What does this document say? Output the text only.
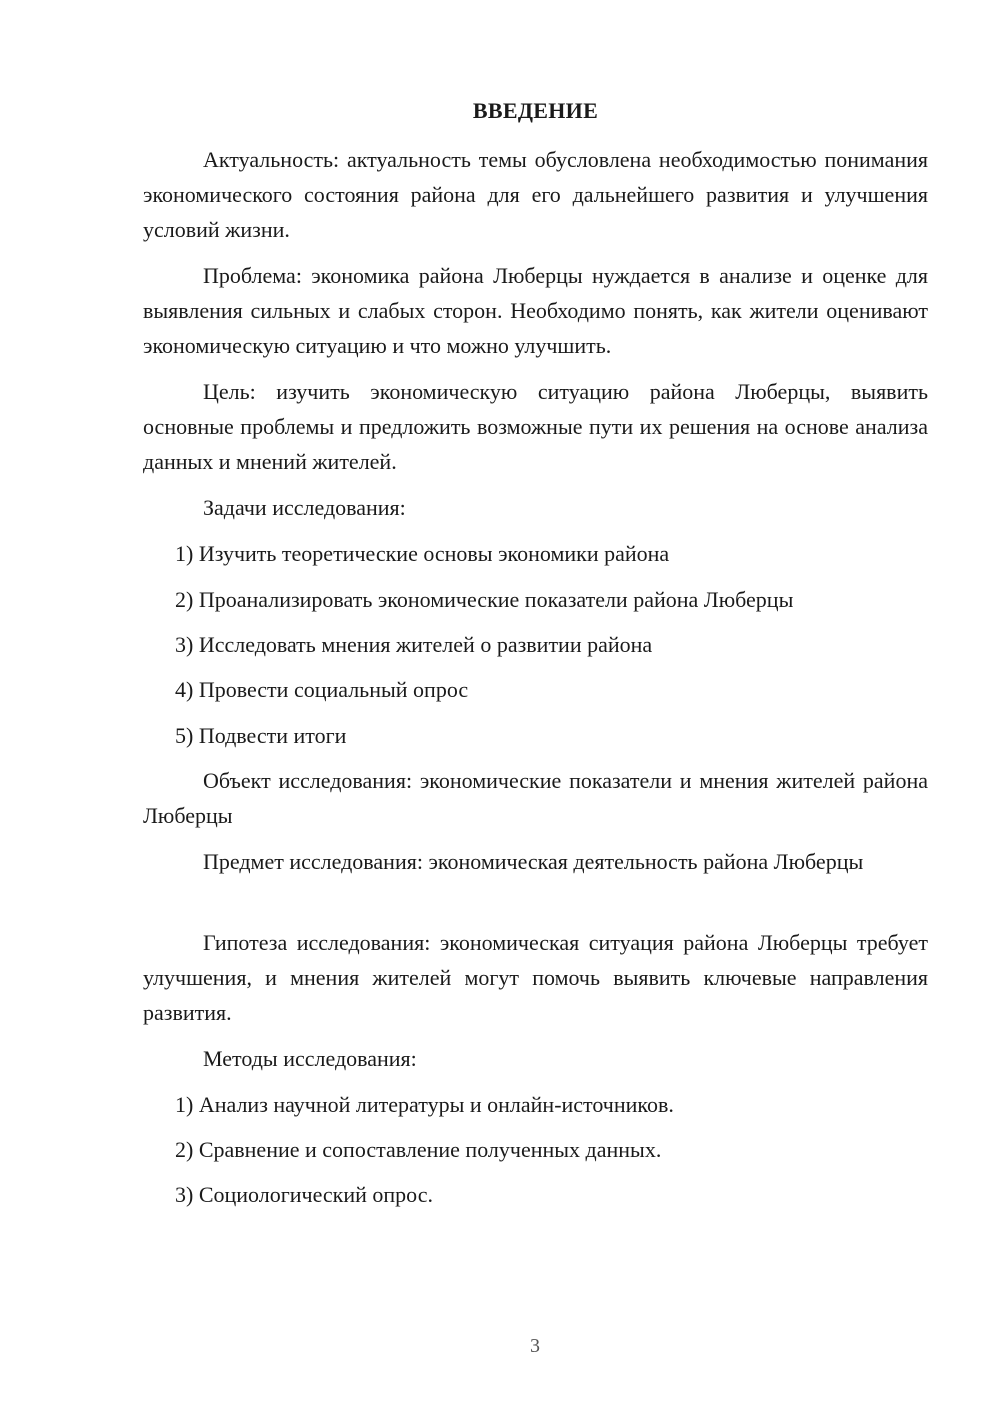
ВВЕДЕНИЕ

Актуальность: актуальность темы обусловлена необходимостью понимания экономического состояния района для его дальнейшего развития и улучшения условий жизни.

Проблема: экономика района Люберцы нуждается в анализе и оценке для выявления сильных и слабых сторон. Необходимо понять, как жители оценивают экономическую ситуацию и что можно улучшить.

Цель: изучить экономическую ситуацию района Люберцы, выявить основные проблемы и предложить возможные пути их решения на основе анализа данных и мнений жителей.

Задачи исследования:

1) Изучить теоретические основы экономики района

2) Проанализировать экономические показатели района Люберцы

3) Исследовать мнения жителей о развитии района

4) Провести социальный опрос

5) Подвести итоги

Объект исследования: экономические показатели и мнения жителей района Люберцы

Предмет исследования: экономическая деятельность района Люберцы

Гипотеза исследования: экономическая ситуация района Люберцы требует улучшения, и мнения жителей могут помочь выявить ключевые направления развития.

Методы исследования:

1) Анализ научной литературы и онлайн-источников.

2) Сравнение и сопоставление полученных данных.

3) Социологический опрос.

3
